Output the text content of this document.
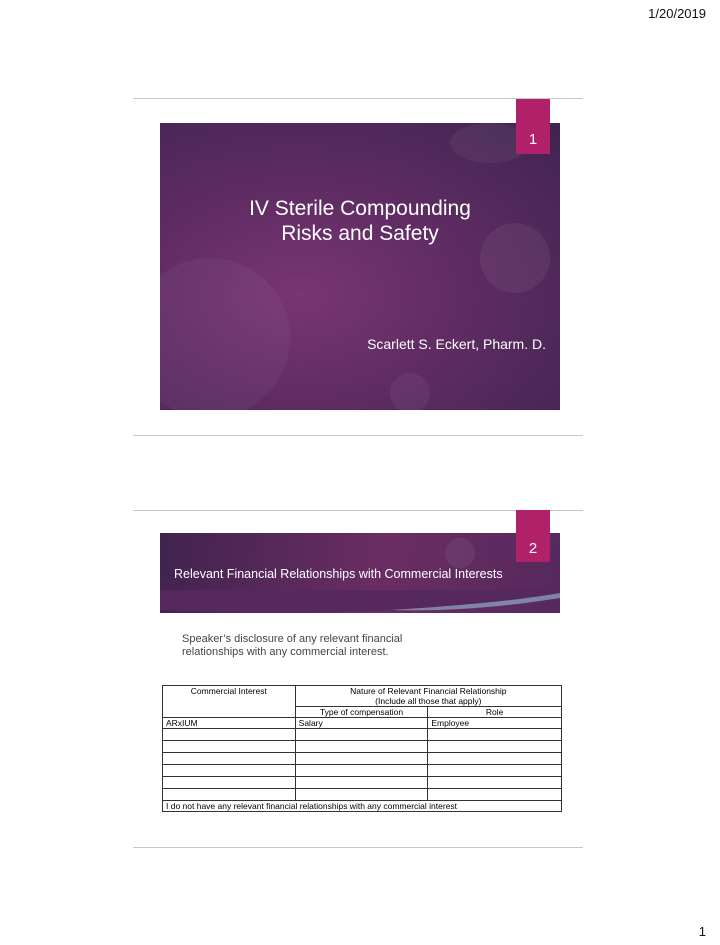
1/20/2019
IV Sterile Compounding
Risks and Safety
Scarlett S. Eckert, Pharm. D.
1
Relevant Financial Relationships with Commercial Interests
2
Speaker’s disclosure of any relevant financial
relationships with any commercial interest.
Commercial Interest	Nature of Relevant Financial Relationship
(Include all those that apply)	

	Type of compensation	Role
ARxIUM	Salary	Employee

I do not have any relevant financial relationships with any commercial interest		
1
